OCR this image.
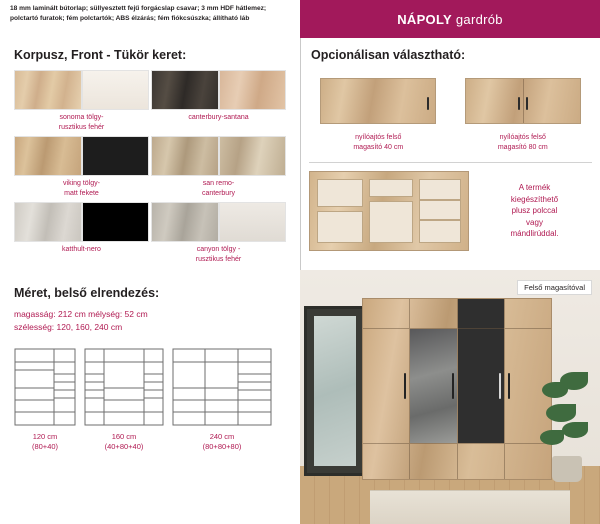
18 mm laminált bútorlap; süllyesztett fejű forgácslap csavar; 3 mm HDF hátlemez; polctartó furatok; fém polctartók; ABS élzárás; fém fiókcsúszka; állítható láb	NÁPOLY
gardrób
Korpusz, Front - Tükör keret:
sonoma tölgy-
rusztikus fehér
canterbury-santana
viking tölgy-
matt fekete
san remo-
canterbury
katthult-nero	canyon tölgy -
rusztikus fehér
Méret, belső elrendezés:
magasság: 212 cm mélység: 52 cm
szélesség: 120, 160, 240 cm
120 cm
(80+40)
160 cm
(40+80+40)
240 cm
(80+80+80)
Opcionálisan választható:
nyílóajtós felső
magasító 40 cm
nyílóajtós felső
magasító 80 cm
A termék
kiegészíthető
plusz polccal
vagy
mándlirúddal.
Felső magasítóval
